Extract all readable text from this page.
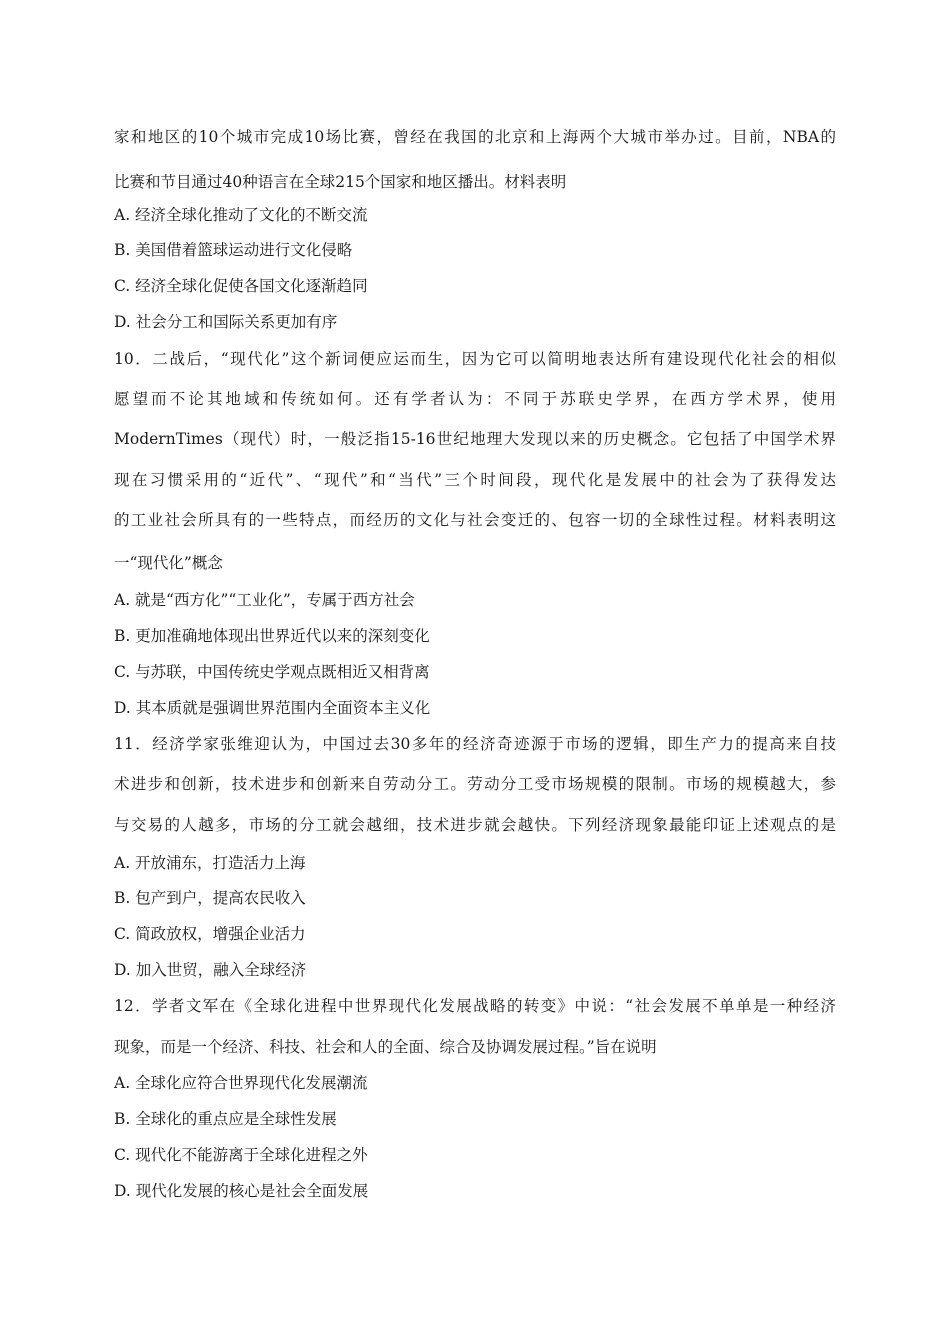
家和地区的10个城市完成10场比赛，曾经在我国的北京和上海两个大城市举办过。目前，NBA的
比赛和节目通过40种语言在全球215个国家和地区播出。材料表明
A. 经济全球化推动了文化的不断交流
B. 美国借着篮球运动进行文化侵略
C. 经济全球化促使各国文化逐渐趋同
D. 社会分工和国际关系更加有序
10．二战后，“现代化”这个新词便应运而生，因为它可以简明地表达所有建设现代化社会的相似
愿望而不论其地域和传统如何。还有学者认为：不同于苏联史学界，在西方学术界，使用
ModernTimes（现代）时，一般泛指15-16世纪地理大发现以来的历史概念。它包括了中国学术界
现在习惯采用的“近代”、“现代”和“当代”三个时间段，现代化是发展中的社会为了获得发达
的工业社会所具有的一些特点，而经历的文化与社会变迁的、包容一切的全球性过程。材料表明这
一“现代化”概念
A. 就是“西方化”“工业化”，专属于西方社会
B. 更加准确地体现出世界近代以来的深刻变化
C. 与苏联，中国传统史学观点既相近又相背离
D. 其本质就是强调世界范围内全面资本主义化
11．经济学家张维迎认为，中国过去30多年的经济奇迹源于市场的逻辑，即生产力的提高来自技
术进步和创新，技术进步和创新来自劳动分工。劳动分工受市场规模的限制。市场的规模越大，参
与交易的人越多，市场的分工就会越细，技术进步就会越快。下列经济现象最能印证上述观点的是
A. 开放浦东，打造活力上海
B. 包产到户，提高农民收入
C. 简政放权，增强企业活力
D. 加入世贸，融入全球经济
12．学者文军在《全球化进程中世界现代化发展战略的转变》中说：“社会发展不单单是一种经济
现象，而是一个经济、科技、社会和人的全面、综合及协调发展过程。”旨在说明
A. 全球化应符合世界现代化发展潮流
B. 全球化的重点应是全球性发展
C. 现代化不能游离于全球化进程之外
D. 现代化发展的核心是社会全面发展
